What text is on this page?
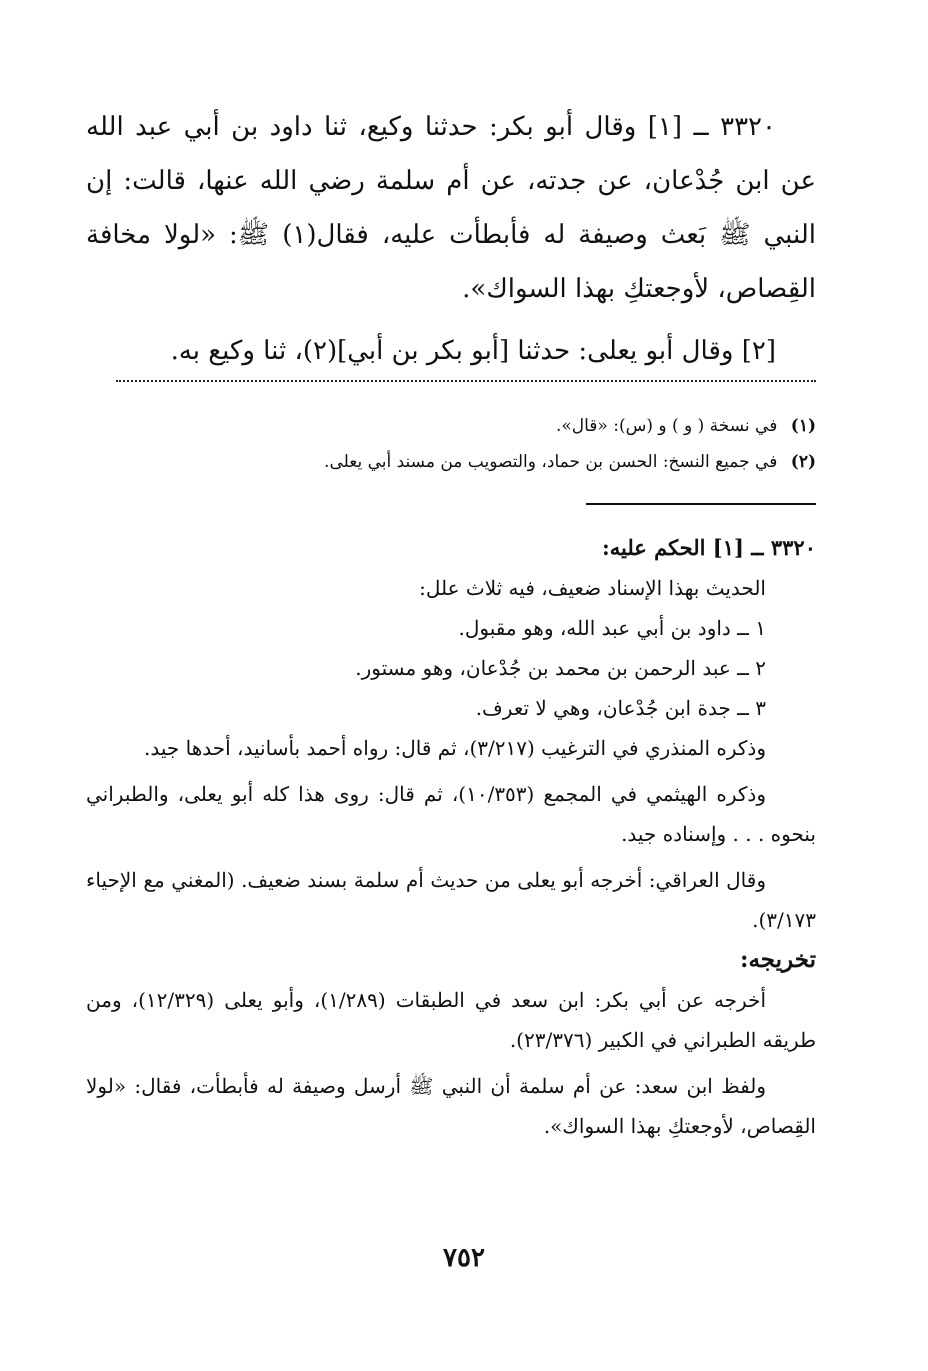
٣٣٢٠ ــ [١] وقال أبو بكر: حدثنا وكيع، ثنا داود بن أبي عبد الله عن ابن جُدْعان، عن جدته، عن أم سلمة رضي الله عنها، قالت: إن النبي ﷺ بَعث وصيفة له فأبطأت عليه، فقال(١) ﷺ: «لولا مخافة القِصاص، لأوجعتكِ بهذا السواك».

[٢] وقال أبو يعلى: حدثنا [أبو بكر بن أبي](٢)، ثنا وكيع به.

(١) في نسخة ( و ) و (س): «قال».
(٢) في جميع النسخ: الحسن بن حماد، والتصويب من مسند أبي يعلى.

٣٣٢٠ ــ [١] الحكم عليه:

الحديث بهذا الإسناد ضعيف، فيه ثلاث علل:

١ ــ داود بن أبي عبد الله، وهو مقبول.

٢ ــ عبد الرحمن بن محمد بن جُدْعان، وهو مستور.

٣ ــ جدة ابن جُدْعان، وهي لا تعرف.

وذكره المنذري في الترغيب (٣/٢١٧)، ثم قال: رواه أحمد بأسانيد، أحدها جيد.

وذكره الهيثمي في المجمع (١٠/٣٥٣)، ثم قال: روى هذا كله أبو يعلى، والطبراني بنحوه . . . وإسناده جيد.

وقال العراقي: أخرجه أبو يعلى من حديث أم سلمة بسند ضعيف. (المغني مع الإحياء ٣/١٧٣).

تخريجه:

أخرجه عن أبي بكر: ابن سعد في الطبقات (١/٢٨٩)، وأبو يعلى (١٢/٣٢٩)، ومن طريقه الطبراني في الكبير (٢٣/٣٧٦).

ولفظ ابن سعد: عن أم سلمة أن النبي ﷺ أرسل وصيفة له فأبطأت، فقال: «لولا القِصاص، لأوجعتكِ بهذا السواك».

٧٥٢
